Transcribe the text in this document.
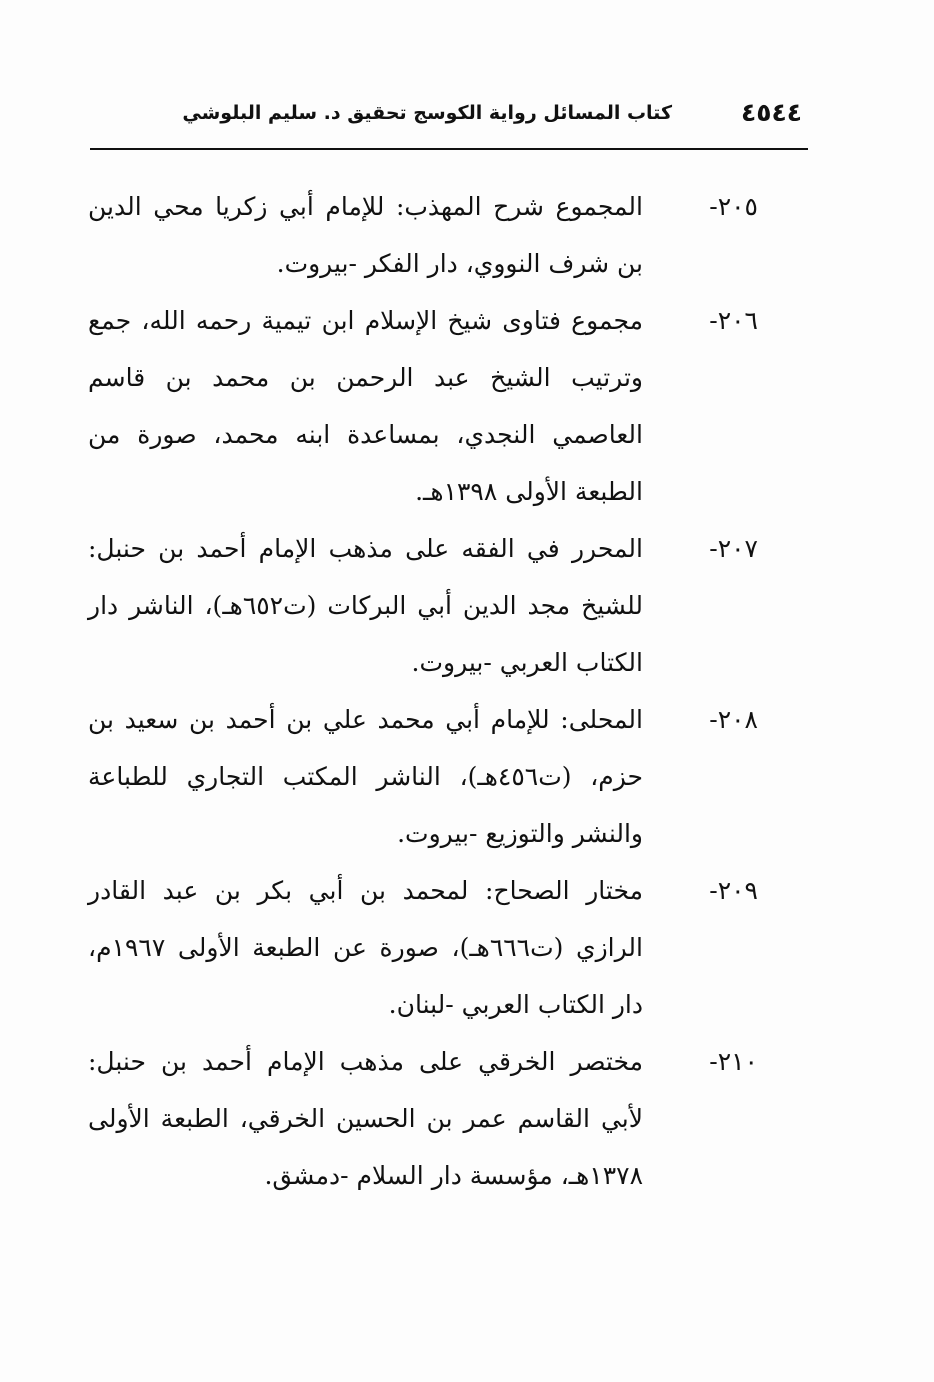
٤٥٤٤
كتاب المسائل رواية الكوسج تحقيق د. سليم البلوشي
٢٠٥-
المجموع شرح المهذب: للإمام أبي زكريا محي الدين بن شرف النووي، دار الفكر -بيروت.
٢٠٦-
مجموع فتاوى شيخ الإسلام ابن تيمية رحمه الله، جمع وترتيب الشيخ عبد الرحمن بن محمد بن قاسم العاصمي النجدي، بمساعدة ابنه محمد، صورة من الطبعة الأولى ١٣٩٨هـ.
٢٠٧-
المحرر في الفقه على مذهب الإمام أحمد بن حنبل: للشيخ مجد الدين أبي البركات (ت٦٥٢هـ)، الناشر دار الكتاب العربي -بيروت.
٢٠٨-
المحلى: للإمام أبي محمد علي بن أحمد بن سعيد بن حزم، (ت٤٥٦هـ)، الناشر المكتب التجاري للطباعة والنشر والتوزيع -بيروت.
٢٠٩-
مختار الصحاح: لمحمد بن أبي بكر بن عبد القادر الرازي (ت٦٦٦هـ)، صورة عن الطبعة الأولى ١٩٦٧م، دار الكتاب العربي -لبنان.
٢١٠-
مختصر الخرقي على مذهب الإمام أحمد بن حنبل: لأبي القاسم عمر بن الحسين الخرقي، الطبعة الأولى ١٣٧٨هـ، مؤسسة دار السلام -دمشق.
